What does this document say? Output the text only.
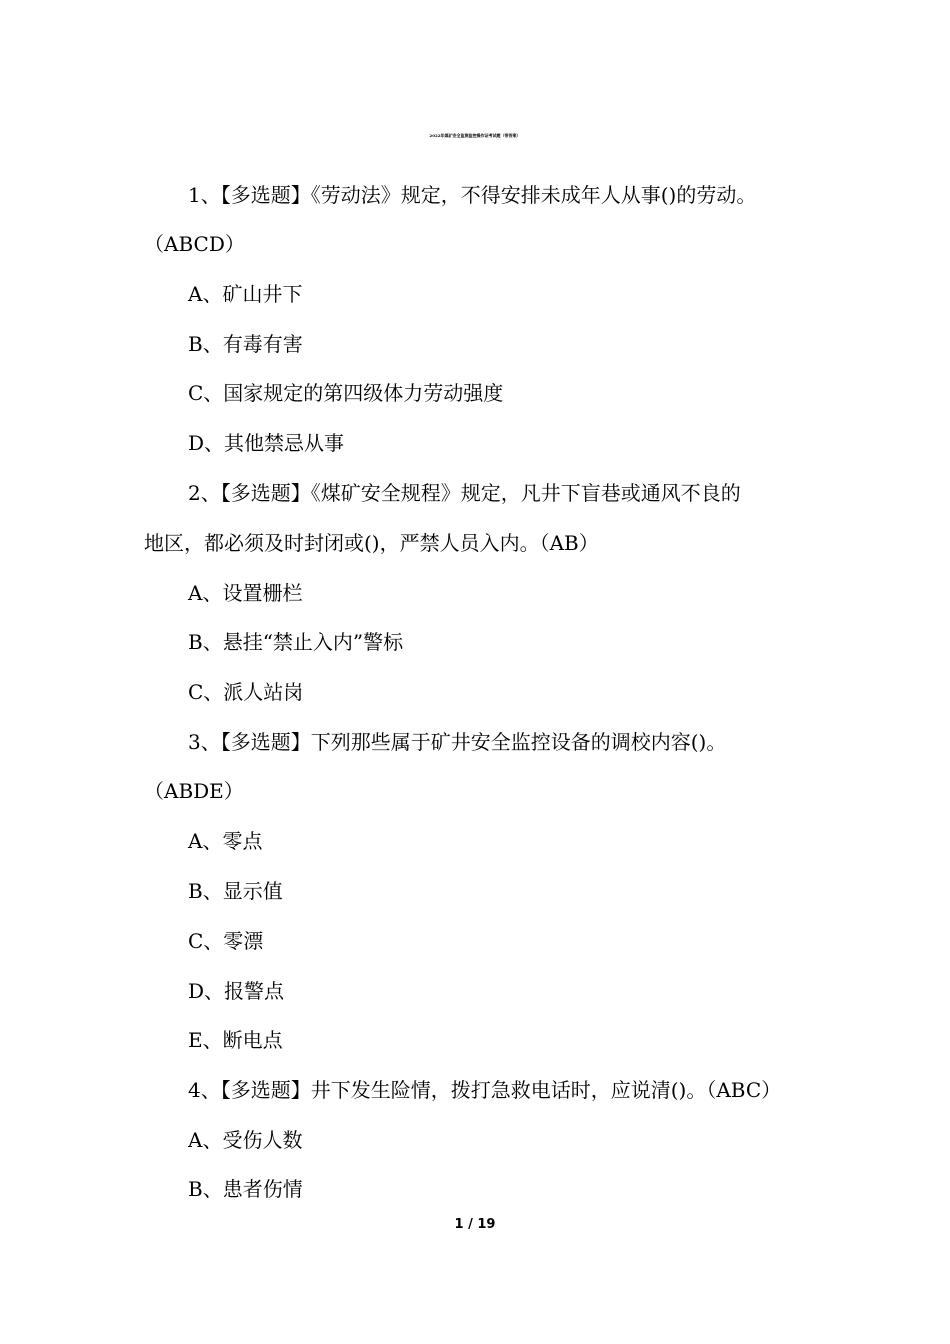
2022年煤矿安全监测监控操作证考试题（带答案）
1、【多选题】《劳动法》规定，不得安排未成年人从事()的劳动。
（ABCD）
A、矿山井下
B、有毒有害
C、国家规定的第四级体力劳动强度
D、其他禁忌从事
2、【多选题】《煤矿安全规程》规定，凡井下盲巷或通风不良的
地区，都必须及时封闭或()，严禁人员入内。（AB）
A、设置栅栏
B、悬挂“禁止入内”警标
C、派人站岗
3、【多选题】下列那些属于矿井安全监控设备的调校内容()。
（ABDE）
A、零点
B、显示值
C、零漂
D、报警点
E、断电点
4、【多选题】井下发生险情，拨打急救电话时，应说清()。（ABC）
A、受伤人数
B、患者伤情
1 / 19
